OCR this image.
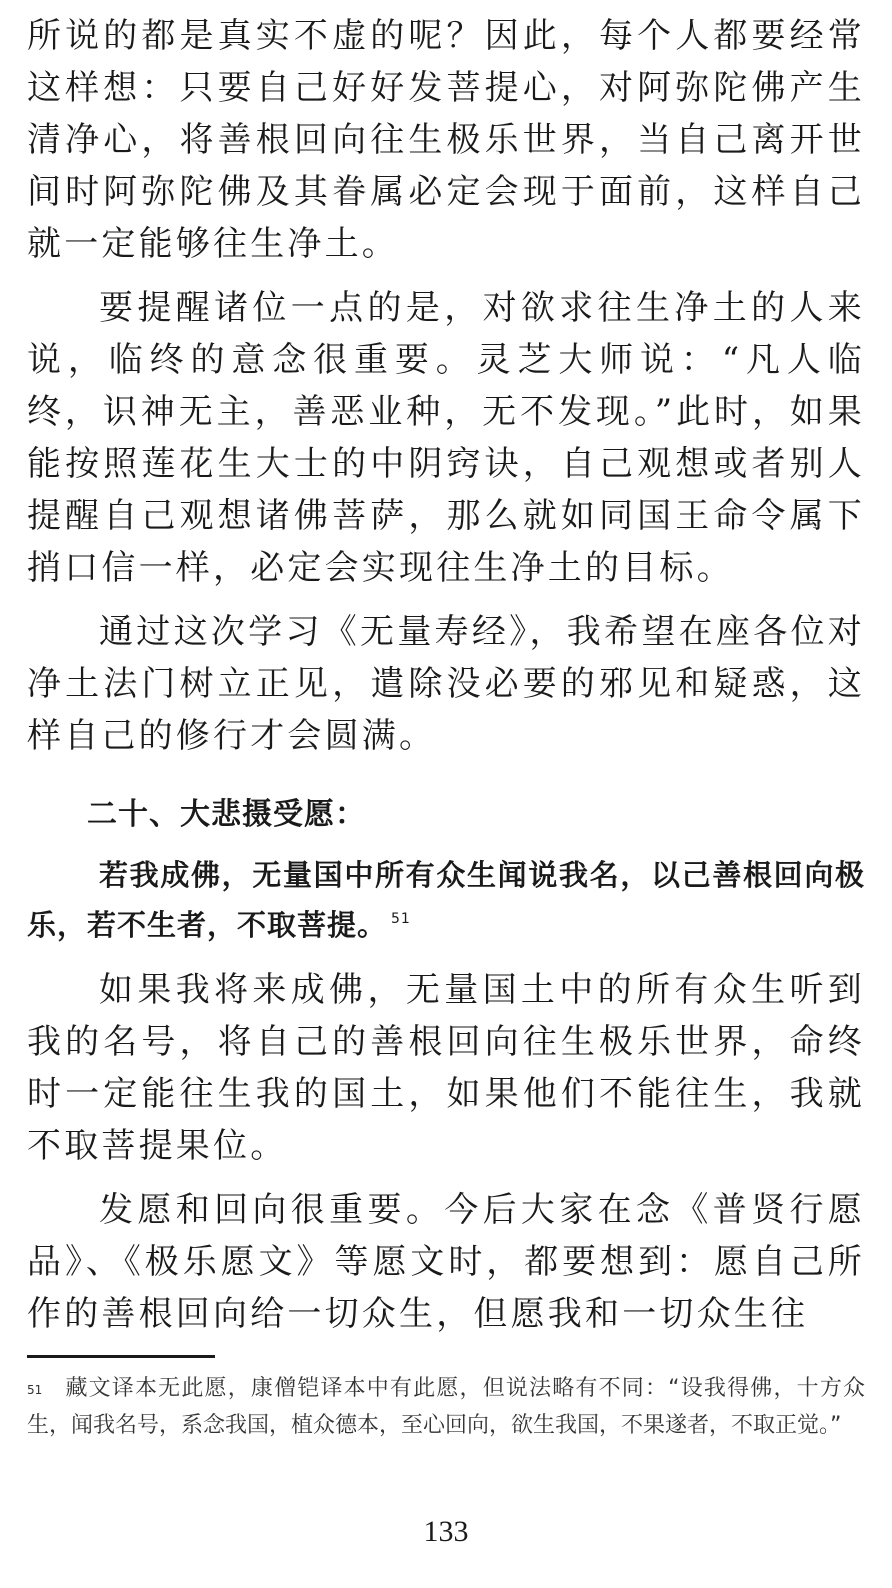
所说的都是真实不虚的呢？因此，每个人都要经常这样想：只要自己好好发菩提心，对阿弥陀佛产生清净心，将善根回向往生极乐世界，当自己离开世间时阿弥陀佛及其眷属必定会现于面前，这样自己就一定能够往生净土。

要提醒诸位一点的是，对欲求往生净土的人来说，临终的意念很重要。灵芝大师说：“凡人临终，识神无主，善恶业种，无不发现。”此时，如果能按照莲花生大士的中阴窍诀，自己观想或者别人提醒自己观想诸佛菩萨，那么就如同国王命令属下捎口信一样，必定会实现往生净土的目标。

通过这次学习《无量寿经》，我希望在座各位对净土法门树立正见，遣除没必要的邪见和疑惑，这样自己的修行才会圆满。

二十、大悲摄受愿：

若我成佛，无量国中所有众生闻说我名，以己善根回向极乐，若不生者，不取菩提。 $^{51}$

如果我将来成佛，无量国土中的所有众生听到我的名号，将自己的善根回向往生极乐世界，命终时一定能往生我的国土，如果他们不能往生，我就不取菩提果位。

发愿和回向很重要。今后大家在念《普贤行愿品》、《极乐愿文》等愿文时，都要想到：愿自己所作的善根回向给一切众生，但愿我和一切众生往

$^{51}$ 藏文译本无此愿，康僧铠译本中有此愿，但说法略有不同：“设我得佛，十方众生，闻我名号，系念我国，植众德本，至心回向，欲生我国，不果遂者，不取正觉。”
133
